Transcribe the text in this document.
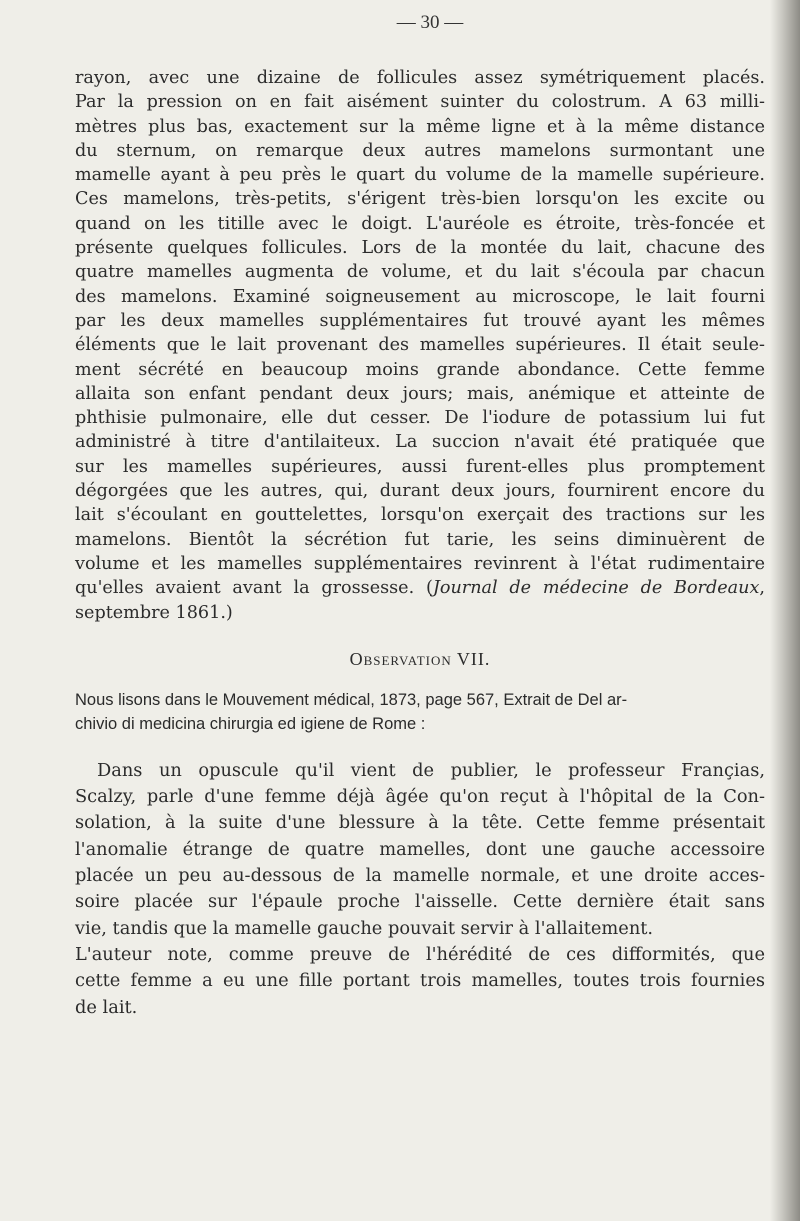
— 30 —

rayon, avec une dizaine de follicules assez symétriquement placés.
Par la pression on en fait aisément suinter du colostrum. A 63 milli-
mètres plus bas, exactement sur la même ligne et à la même distance
du sternum, on remarque deux autres mamelons surmontant une
mamelle ayant à peu près le quart du volume de la mamelle supérieure.
Ces mamelons, très-petits, s'érigent très-bien lorsqu'on les excite ou
quand on les titille avec le doigt. L'auréole es étroite, très-foncée et
présente quelques follicules. Lors de la montée du lait, chacune des
quatre mamelles augmenta de volume, et du lait s'écoula par chacun
des mamelons. Examiné soigneusement au microscope, le lait fourni
par les deux mamelles supplémentaires fut trouvé ayant les mêmes
éléments que le lait provenant des mamelles supérieures. Il était seule-
ment sécrété en beaucoup moins grande abondance. Cette femme
allaita son enfant pendant deux jours; mais, anémique et atteinte de
phthisie pulmonaire, elle dut cesser. De l'iodure de potassium lui fut
administré à titre d'antilaiteux. La succion n'avait été pratiquée que
sur les mamelles supérieures, aussi furent-elles plus promptement
dégorgées que les autres, qui, durant deux jours, fournirent encore du
lait s'écoulant en gouttelettes, lorsqu'on exerçait des tractions sur les
mamelons. Bientôt la sécrétion fut tarie, les seins diminuèrent de
volume et les mamelles supplémentaires revinrent à l'état rudimentaire
qu'elles avaient avant la grossesse. (Journal de médecine de Bordeaux,
septembre 1861.)

Observation VII.

Nous lisons dans le Mouvement médical, 1873, page 567, Extrait de Del ar-
chivio di medicina chirurgia ed igiene de Rome :

Dans un opuscule qu'il vient de publier, le professeur Françias,
Scalzy, parle d'une femme déjà âgée qu'on reçut à l'hôpital de la Con-
solation, à la suite d'une blessure à la tête. Cette femme présentait
l'anomalie étrange de quatre mamelles, dont une gauche accessoire
placée un peu au-dessous de la mamelle normale, et une droite acces-
soire placée sur l'épaule proche l'aisselle. Cette dernière était sans
vie, tandis que la mamelle gauche pouvait servir à l'allaitement.
L'auteur note, comme preuve de l'hérédité de ces difformités, que
cette femme a eu une fille portant trois mamelles, toutes trois fournies
de lait.
